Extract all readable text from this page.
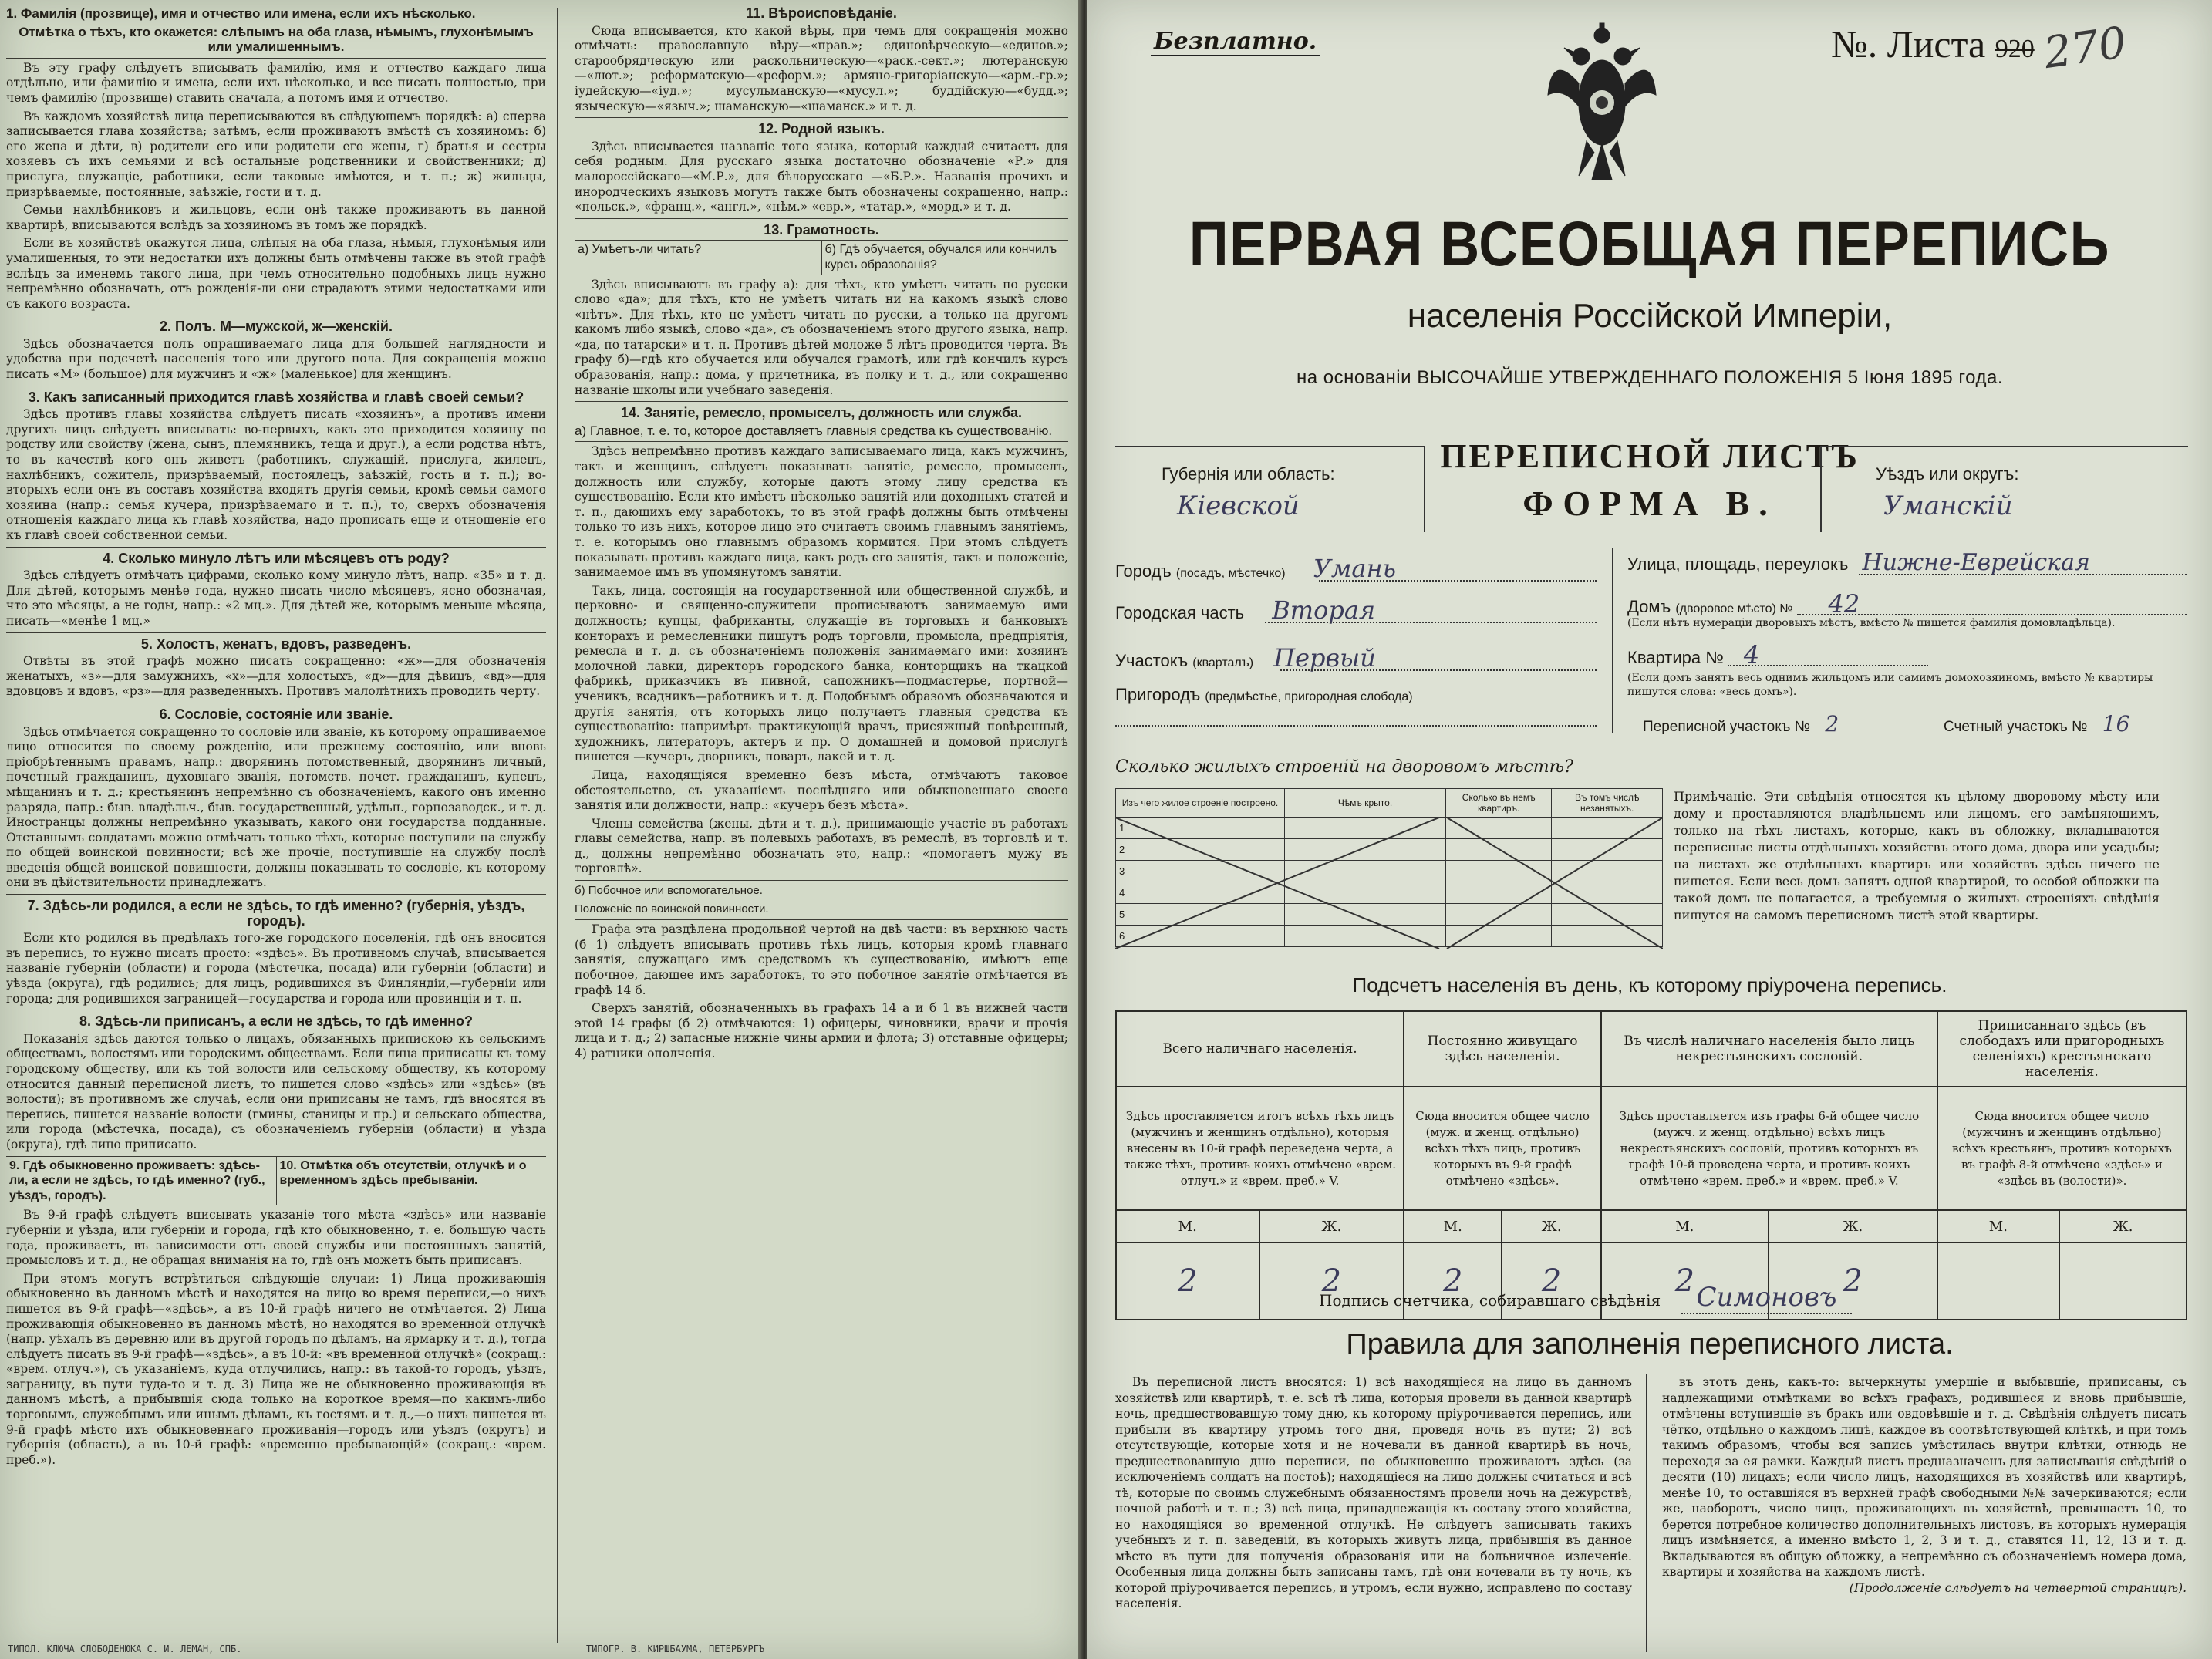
1. Фамилія (прозвище), имя и отчество или имена, если ихъ нѣсколько.

Отмѣтка о тѣхъ, кто окажется: слѣпымъ на оба глаза, нѣмымъ, глухонѣмымъ или умалишеннымъ.

Въ эту графу слѣдуетъ вписывать фамилію, имя и отчество каждаго лица отдѣльно, или фамилію и имена, если ихъ нѣсколько, и все писать полностью, при чемъ фамилію (прозвище) ставить сначала, а потомъ имя и отчество.

Въ каждомъ хозяйствѣ лица переписываются въ слѣдующемъ порядкѣ: а) сперва записывается глава хозяйства; затѣмъ, если проживаютъ вмѣстѣ съ хозяиномъ: б) его жена и дѣти, в) родители его или родители его жены, г) братья и сестры хозяевъ съ ихъ семьями и всѣ остальные родственники и свойственники; д) прислуга, служащіе, работники, если таковые имѣются, и т. п.; ж) жильцы, призрѣваемые, постоянные, заѣзжіе, гости и т. д.

Семьи нахлѣбниковъ и жильцовъ, если онѣ также проживаютъ въ данной квартирѣ, вписываются вслѣдъ за хозяиномъ въ томъ же порядкѣ.

Если въ хозяйствѣ окажутся лица, слѣпыя на оба глаза, нѣмыя, глухонѣмыя или умалишенныя, то эти недостатки ихъ должны быть отмѣчены также въ этой графѣ вслѣдъ за именемъ такого лица, при чемъ относительно подобныхъ лицъ нужно непремѣнно обозначать, отъ рожденія-ли они страдаютъ этими недостатками или съ какого возраста.

2. Полъ. М—мужской, ж—женскій.

Здѣсь обозначается полъ опрашиваемаго лица для большей наглядности и удобства при подсчетѣ населенія того или другого пола. Для сокращенія можно писать «М» (большое) для мужчинъ и «ж» (маленькое) для женщинъ.

3. Какъ записанный приходится главѣ хозяйства и главѣ своей семьи?

Здѣсь противъ главы хозяйства слѣдуетъ писать «хозяинъ», а противъ имени другихъ лицъ слѣдуетъ вписывать: во-первыхъ, какъ это приходится хозяину по родству или свойству (жена, сынъ, племянникъ, теща и друг.), а если родства нѣтъ, то въ качествѣ кого онъ живетъ (работникъ, служащій, прислуга, жилецъ, нахлѣбникъ, сожитель, призрѣваемый, постоялецъ, заѣзжій, гость и т. п.); во-вторыхъ если онъ въ составъ хозяйства входятъ другія семьи, кромѣ семьи самого хозяина (напр.: семья кучера, призрѣваемаго и т. п.), то, сверхъ обозначенія отношенія каждаго лица къ главѣ хозяйства, надо прописать еще и отношеніе его къ главѣ своей собственной семьи.

4. Сколько минуло лѣтъ или мѣсяцевъ отъ роду?

Здѣсь слѣдуетъ отмѣчать цифрами, сколько кому минуло лѣтъ, напр. «35» и т. д. Для дѣтей, которымъ менѣе года, нужно писать число мѣсяцевъ, ясно обозначая, что это мѣсяцы, а не годы, напр.: «2 мц.». Для дѣтей же, которымъ меньше мѣсяца, писать—«менѣе 1 мц.»

5. Холостъ, женатъ, вдовъ, разведенъ.

Отвѣты въ этой графѣ можно писать сокращенно: «ж»—для обозначенія женатыхъ, «з»—для замужнихъ, «х»—для холостыхъ, «д»—для дѣвицъ, «вд»—для вдовцовъ и вдовъ, «рз»—для разведенныхъ. Противъ малолѣтнихъ проводить черту.

6. Сословіе, состояніе или званіе.

Здѣсь отмѣчается сокращенно то сословіе или званіе, къ которому опрашиваемое лицо относится по своему рожденію, или прежнему состоянію, или вновь пріобрѣтеннымъ правамъ, напр.: дворянинъ потомственный, дворянинъ личный, почетный гражданинъ, духовнаго званія, потомств. почет. гражданинъ, купецъ, мѣщанинъ и т. д.; крестьянинъ непремѣнно съ обозначеніемъ, какого онъ именно разряда, напр.: быв. владѣльч., быв. государственный, удѣльн., горнозаводск., и т. д. Иностранцы должны непремѣнно указывать, какого они государства подданные. Отставнымъ солдатамъ можно отмѣчать только тѣхъ, которые поступили на службу по общей воинской повинности; всѣ же прочіе, поступившіе на службу послѣ введенія общей воинской повинности, должны показывать то сословіе, къ которому они въ дѣйствительности принадлежатъ.

7. Здѣсь-ли родился, а если не здѣсь, то гдѣ именно? (губернія, уѣздъ, городъ).

Если кто родился въ предѣлахъ того-же городского поселенія, гдѣ онъ вносится въ перепись, то нужно писать просто: «здѣсь». Въ противномъ случаѣ, вписывается названіе губерніи (области) и города (мѣстечка, посада) или губерніи (области) и уѣзда (округа), гдѣ родились; для лицъ, родившихся въ Финляндіи,—губерніи или города; для родившихся заграницей—государства и города или провинціи и т. п.

8. Здѣсь-ли приписанъ, а если не здѣсь, то гдѣ именно?

Показанія здѣсь даются только о лицахъ, обязанныхъ припискою къ сельскимъ обществамъ, волостямъ или городскимъ обществамъ. Если лица приписаны къ тому городскому обществу, или къ той волости или сельскому обществу, къ которому относится данный переписной листъ, то пишется слово «здѣсь» или «здѣсь» (въ волости); въ противномъ же случаѣ, если они приписаны не тамъ, гдѣ вносятся въ перепись, пишется названіе волости (гмины, станицы и пр.) и сельскаго общества, или города (мѣстечка, посада), съ обозначеніемъ губерніи (области) и уѣзда (округа), гдѣ лицо приписано.

9. Гдѣ обыкновенно проживаетъ: здѣсь-ли, а если не здѣсь, то гдѣ именно? (губ., уѣздъ, городъ).
10. Отмѣтка объ отсутствіи, отлучкѣ и о временномъ здѣсь пребываніи.

Въ 9-й графѣ слѣдуетъ вписывать указаніе того мѣста «здѣсь» или названіе губерніи и уѣзда, или губерніи и города, гдѣ кто обыкновенно, т. е. большую часть года, проживаетъ, въ зависимости отъ своей службы или постоянныхъ занятій, промысловъ и т. д., не обращая вниманія на то, гдѣ онъ можетъ быть приписанъ.

При этомъ могутъ встрѣтиться слѣдующіе случаи: 1) Лица проживающія обыкновенно въ данномъ мѣстѣ и находятся на лицо во время переписи,—о нихъ пишется въ 9-й графѣ—«здѣсь», а въ 10-й графѣ ничего не отмѣчается. 2) Лица проживающія обыкновенно въ данномъ мѣстѣ, но находятся во временной отлучкѣ (напр. уѣхалъ въ деревню или въ другой городъ по дѣламъ, на ярмарку и т. д.), тогда слѣдуетъ писать въ 9-й графѣ—«здѣсь», а въ 10-й: «въ временной отлучкѣ» (сокращ.: «врем. отлуч.»), съ указаніемъ, куда отлучились, напр.: въ такой-то городъ, уѣздъ, заграницу, въ пути туда-то и т. д. 3) Лица же не обыкновенно проживающія въ данномъ мѣстѣ, а прибывшія сюда только на короткое время—по какимъ-либо торговымъ, служебнымъ или инымъ дѣламъ, къ гостямъ и т. д.,—о нихъ пишется въ 9-й графѣ мѣсто ихъ обыкновеннаго проживанія—городъ или уѣздъ (округъ) и губернія (область), а въ 10-й графѣ: «временно пребывающій» (сокращ.: «врем. преб.»).

11. Вѣроисповѣданіе.

Сюда вписывается, кто какой вѣры, при чемъ для сокращенія можно отмѣчать: православную вѣру—«прав.»; единовѣрческую—«единов.»; старообрядческую или раскольническую—«раск.-сект.»; лютеранскую—«лют.»; реформатскую—«реформ.»; армяно-григоріанскую—«арм.-гр.»; іудейскую—«іуд.»; мусульманскую—«мусул.»; буддійскую—«будд.»; языческую—«языч.»; шаманскую—«шаманск.» и т. д.

12. Родной языкъ.

Здѣсь вписывается названіе того языка, который каждый считаетъ для себя родным. Для русскаго языка достаточно обозначеніе «Р.» для малороссійскаго—«М.Р.», для бѣлорусскаго —«Б.Р.». Названія прочихъ и инородческихъ языковъ могутъ также быть обозначены сокращенно, напр.: «польск.», «франц.», «англ.», «нѣм.» «евр.», «татар.», «морд.» и т. д.

13. Грамотность.

а) Умѣетъ-ли читать?	б) Гдѣ обучается, обучался или кончилъ курсъ образованія?

Здѣсь вписываютъ въ графу а): для тѣхъ, кто умѣетъ читать по русски слово «да»; для тѣхъ, кто не умѣетъ читать ни на какомъ языкѣ слово «нѣтъ». Для тѣхъ, кто не умѣетъ читать по русски, а только на другомъ какомъ либо языкѣ, слово «да», съ обозначеніемъ этого другого языка, напр. «да, по татарски» и т. п. Противъ дѣтей моложе 5 лѣтъ проводится черта. Въ графу б)—гдѣ кто обучается или обучался грамотѣ, или гдѣ кончилъ курсъ образованія, напр.: дома, у причетника, въ полку и т. д., или сокращенно названіе школы или учебнаго заведенія.

14. Занятіе, ремесло, промыселъ, должность или служба.

а) Главное, т. е. то, которое доставляетъ главныя средства къ существованію.

Здѣсь непремѣнно противъ каждаго записываемаго лица, какъ мужчинъ, такъ и женщинъ, слѣдуетъ показывать занятіе, ремесло, промыселъ, должность или службу, которые даютъ этому лицу средства къ существованію. Если кто имѣетъ нѣсколько занятій или доходныхъ статей и т. п., дающихъ ему заработокъ, то въ этой графѣ должны быть отмѣчены только то изъ нихъ, которое лицо это считаетъ своимъ главнымъ занятіемъ, т. е. которымъ оно главнымъ образомъ кормится. При этомъ слѣдуетъ показывать противъ каждаго лица, какъ родъ его занятія, такъ и положеніе, занимаемое имъ въ упомянутомъ занятіи.

Такъ, лица, состоящія на государственной или общественной службѣ, и церковно- и священно-служители прописываютъ занимаемую ими должность; купцы, фабриканты, служащіе въ торговыхъ и банковыхъ конторахъ и ремесленники пишутъ родъ торговли, промысла, предпріятія, ремесла и т. д. съ обозначеніемъ положенія занимаемаго ими: хозяинъ молочной лавки, директоръ городского банка, конторщикъ на ткацкой фабрикѣ, приказчикъ въ пивной, сапожникъ—подмастерье, портной—ученикъ, всадникъ—работникъ и т. д. Подобнымъ образомъ обозначаются и другія занятія, отъ которыхъ лицо получаетъ главныя средства къ существованію: напримѣръ практикующій врачъ, присяжный повѣренный, художникъ, литераторъ, актеръ и пр. О домашней и домовой прислугѣ пишется —кучеръ, дворникъ, поваръ, лакей и т. д.

Лица, находящіяся временно безъ мѣста, отмѣчаютъ таковое обстоятельство, съ указаніемъ послѣдняго или обыкновеннаго своего занятія или должности, напр.: «кучеръ безъ мѣста».

Члены семейства (жены, дѣти и т. д.), принимающіе участіе въ работахъ главы семейства, напр. въ полевыхъ работахъ, въ ремеслѣ, въ торговлѣ и т. д., должны непремѣнно обозначать это, напр.: «помогаетъ мужу въ торговлѣ».

б) Побочное или вспомогательное.

Положеніе по воинской повинности.

Графа эта раздѣлена продольной чертой на двѣ части: въ верхнюю часть (б 1) слѣдуетъ вписывать противъ тѣхъ лицъ, которыя кромѣ главнаго занятія, служащаго имъ средствомъ къ существованію, имѣютъ еще побочное, дающее имъ заработокъ, то это побочное занятіе отмѣчается въ графѣ 14 б.

Сверхъ занятій, обозначенныхъ въ графахъ 14 а и б 1 въ нижней части этой 14 графы (б 2) отмѣчаются: 1) офицеры, чиновники, врачи и прочія лица и т. д.; 2) запасные нижніе чины армии и флота; 3) отставные офицеры; 4) ратники ополченія.

ТИПОЛ. КЛЮЧА СЛОБОДЕНЮКА С. И. ЛЕМАН, СПБ.	ТИПОГР. В. КИРШБАУМА, ПЕТЕРБУРГЪ
Безплатно.	№. Листа 920 270
ПЕРВАЯ ВСЕОБЩАЯ ПЕРЕПИСЬ
населенія Россійской Имперіи,
на основаніи ВЫСОЧАЙШЕ УТВЕРЖДЕННАГО ПОЛОЖЕНІЯ 5 Іюня 1895 года.
Губернія или область:
Кіевской
ПЕРЕПИСНОЙ ЛИСТЪ
ФОРМА В.
Уѣздъ или округъ:
Уманскій
Городъ (посадъ, мѣстечко) Умань
Городская часть Вторая
Участокъ (кварталъ) Первый
Пригородъ (предмѣстье, пригородная слобода)
Улица, площадь, переулокъ Нижне-Еврейская
Домъ (дворовое мѣсто) № 42
(Если нѣтъ нумераціи дворовыхъ мѣстъ, вмѣсто № пишется фамилія домовладѣльца).
Квартира № 4
(Если домъ занятъ весь однимъ жильцомъ или самимъ домохозяиномъ, вмѣсто № квартиры пишутся слова: «весь домъ»).
Переписной участокъ № 2	Счетный участокъ № 16
Сколько жилыхъ строеній на дворовомъ мѣстѣ?
Изъ чего жилое строеніе построено.	Чѣмъ крыто.	Сколько въ немъ квартиръ.	Въ томъ числѣ незанятыхъ.
1			
2			
3			
4			
5			
6			
Примѣчаніе. Эти свѣдѣнія относятся къ цѣлому дворовому мѣсту или дому и проставляются владѣльцемъ или лицомъ, его замѣняющимъ, только на тѣхъ листахъ, которые, какъ въ обложку, вкладываются переписные листы отдѣльныхъ хозяйствъ этого дома, двора или усадьбы; на листахъ же отдѣльныхъ квартиръ или хозяйствъ здѣсь ничего не пишется. Если весь домъ занятъ одной квартирой, то особой обложки на такой домъ не полагается, а требуемыя о жилыхъ строеніяхъ свѣдѣнія пишутся на самомъ переписномъ листѣ этой квартиры.
Подсчетъ населенія въ день, къ которому пріурочена перепись.
Всего наличнаго населенія.		Постоянно живущаго здѣсь населенія.		Въ числѣ наличнаго населенія было лицъ некрестьянскихъ сословій.		Приписаннаго здѣсь (въ слободахъ или пригородныхъ селеніяхъ) крестьянскаго населенія.	
Здѣсь проставляется итогъ всѣхъ тѣхъ лицъ (мужчинъ и женщинъ отдѣльно), которыя внесены въ 10-й графѣ переведена черта, а также тѣхъ, противъ коихъ отмѣчено «врем. отлуч.» и «врем. преб.» V.		Сюда вносится общее число (муж. и женщ. отдѣльно) всѣхъ тѣхъ лицъ, противъ которыхъ въ 9-й графѣ отмѣчено «здѣсь».		Здѣсь проставляется изъ графы 6-й общее число (мужч. и женщ. отдѣльно) всѣхъ лицъ некрестьянскихъ сословій, противъ которыхъ въ графѣ 10-й проведена черта, и противъ коихъ отмѣчено «врем. преб.» и «врем. преб.» V.		Сюда вносится общее число (мужчинъ и женщинъ отдѣльно) всѣхъ крестьянъ, противъ которыхъ въ графѣ 8-й отмѣчено «здѣсь» и «здѣсь въ (волости)».	
М.	Ж.	М.	Ж.	М.	Ж.	М.	Ж.
2	2	2	2	2	2		
Подпись счетчика, собиравшаго свѣдѣнія Симоновъ
Правила для заполненія переписного листа.

Въ переписной листъ вносятся: 1) всѣ находящіеся на лицо въ данномъ хозяйствѣ или квартирѣ, т. е. всѣ тѣ лица, которыя провели въ данной квартирѣ ночь, предшествовавшую тому дню, къ которому пріурочивается перепись, или прибыли въ квартиру утромъ того дня, проведя ночь въ пути; 2) всѣ отсутствующіе, которые хотя и не ночевали въ данной квартирѣ въ ночь, предшествовавшую дню переписи, но обыкновенно проживаютъ здѣсь (за исключеніемъ солдатъ на постоѣ); находящіеся на лицо должны считаться и всѣ тѣ, которые по своимъ служебнымъ обязанностямъ провели ночь на дежурствѣ, ночной работѣ и т. п.; 3) всѣ лица, принадлежащія къ составу этого хозяйства, но находящіяся во временной отлучкѣ. Не слѣдуетъ записывать такихъ учебныхъ и т. п. заведеній, въ которыхъ живутъ лица, прибывшія въ данное мѣсто въ пути для полученія образованія или на больничное излеченіе. Особенныя лица должны быть записаны тамъ, гдѣ они ночевали въ ту ночь, къ которой пріурочивается перепись, и утромъ, если нужно, исправлено по составу населенія.

въ этотъ день, какъ-то: вычеркнуты умершіе и выбывшіе, приписаны, съ надлежащими отмѣтками во всѣхъ графахъ, родившіеся и вновь прибывшіе, отмѣчены вступившіе въ бракъ или овдовѣвшіе и т. д. Свѣдѣнія слѣдуетъ писать чётко, отдѣльно о каждомъ лицѣ, каждое въ соотвѣтствующей клѣткѣ, и при томъ такимъ образомъ, чтобы вся запись умѣстилась внутри клѣтки, отнюдь не переходя за ея рамки. Каждый листъ предназначенъ для записыванія свѣдѣній о десяти (10) лицахъ; если число лицъ, находящихся въ хозяйствѣ или квартирѣ, менѣе 10, то оставшіяся въ верхней графѣ свободными №№ зачеркиваются; если же, наоборотъ, число лицъ, проживающихъ въ хозяйствѣ, превышаетъ 10, то берется потребное количество дополнительныхъ листовъ, въ которыхъ нумерація лицъ измѣняется, а именно вмѣсто 1, 2, 3 и т. д., ставятся 11, 12, 13 и т. д. Вкладываются въ общую обложку, а непремѣнно съ обозначеніемъ номера дома, квартиры и хозяйства на каждомъ листѣ.

(Продолженіе слѣдуетъ на четвертой страницѣ).
